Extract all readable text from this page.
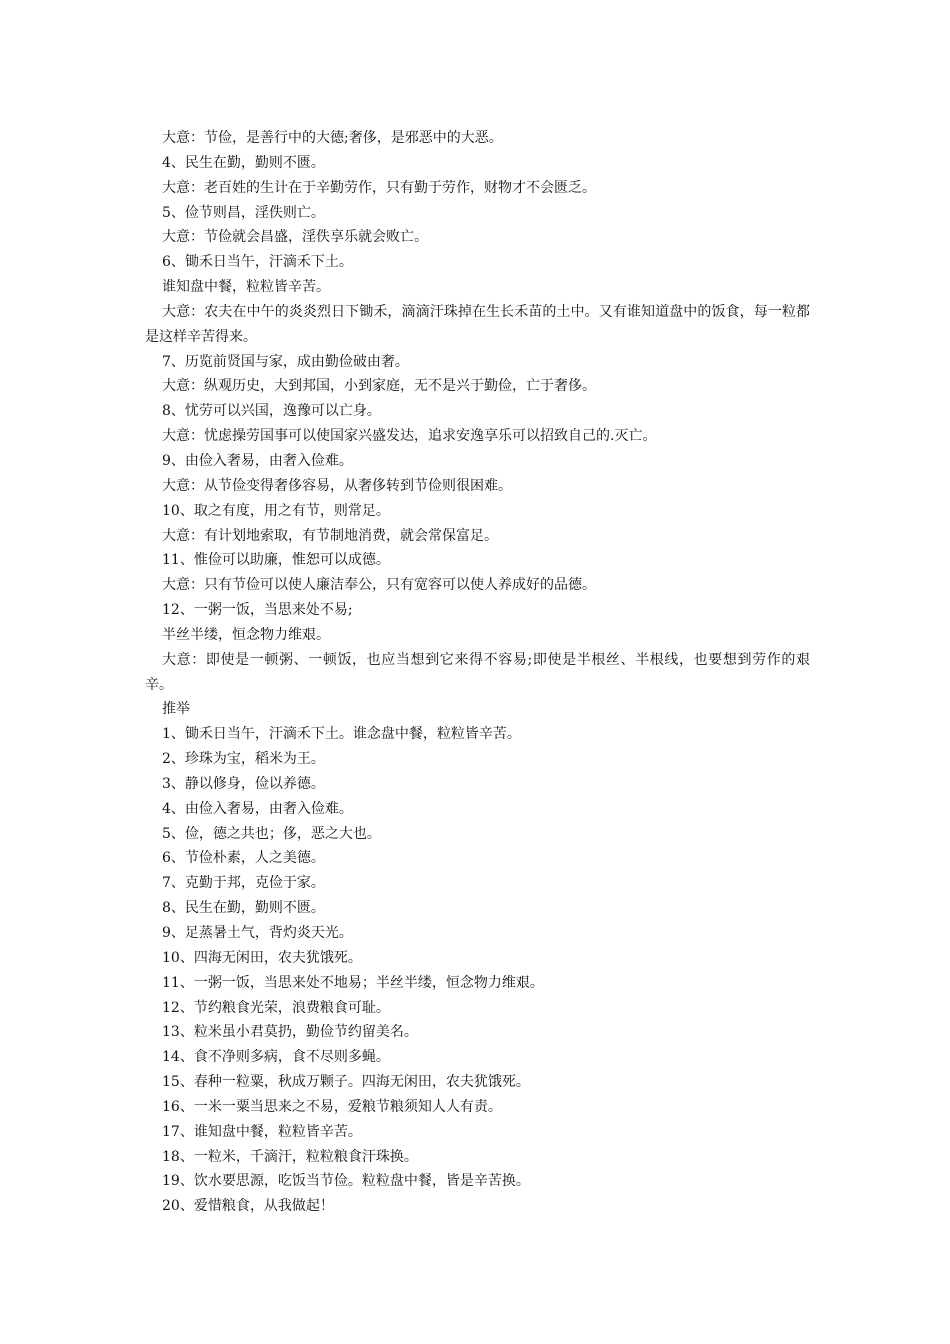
大意：节俭，是善行中的大德;奢侈，是邪恶中的大恶。
4、民生在勤，勤则不匮。
大意：老百姓的生计在于辛勤劳作，只有勤于劳作，财物才不会匮乏。
5、俭节则昌，淫佚则亡。
大意：节俭就会昌盛，淫佚享乐就会败亡。
6、锄禾日当午，汗滴禾下土。
谁知盘中餐，粒粒皆辛苦。
大意：农夫在中午的炎炎烈日下锄禾，滴滴汗珠掉在生长禾苗的土中。又有谁知道盘中的饭食，每一粒都是这样辛苦得来。
7、历览前贤国与家，成由勤俭破由奢。
大意：纵观历史，大到邦国，小到家庭，无不是兴于勤俭，亡于奢侈。
8、忧劳可以兴国，逸豫可以亡身。
大意：忧虑操劳国事可以使国家兴盛发达，追求安逸享乐可以招致自己的.灭亡。
9、由俭入奢易，由奢入俭难。
大意：从节俭变得奢侈容易，从奢侈转到节俭则很困难。
10、取之有度，用之有节，则常足。
大意：有计划地索取，有节制地消费，就会常保富足。
11、惟俭可以助廉，惟恕可以成德。
大意：只有节俭可以使人廉洁奉公，只有宽容可以使人养成好的品德。
12、一粥一饭，当思来处不易;
半丝半缕，恒念物力维艰。
大意：即使是一顿粥、一顿饭，也应当想到它来得不容易;即使是半根丝、半根线，也要想到劳作的艰辛。
推举
1、锄禾日当午，汗滴禾下土。谁念盘中餐，粒粒皆辛苦。
2、珍珠为宝，稻米为王。
3、静以修身，俭以养德。
4、由俭入奢易，由奢入俭难。
5、俭，德之共也；侈，恶之大也。
6、节俭朴素，人之美德。
7、克勤于邦，克俭于家。
8、民生在勤，勤则不匮。
9、足蒸暑土气，背灼炎天光。
10、四海无闲田，农夫犹饿死。
11、一粥一饭，当思来处不地易；半丝半缕，恒念物力维艰。
12、节约粮食光荣，浪费粮食可耻。
13、粒米虽小君莫扔，勤俭节约留美名。
14、食不净则多病，食不尽则多蝇。
15、春种一粒粟，秋成万颗子。四海无闲田，农夫犹饿死。
16、一米一粟当思来之不易，爱粮节粮须知人人有责。
17、谁知盘中餐，粒粒皆辛苦。
18、一粒米，千滴汗，粒粒粮食汗珠换。
19、饮水要思源，吃饭当节俭。粒粒盘中餐，皆是辛苦换。
20、爱惜粮食，从我做起！
